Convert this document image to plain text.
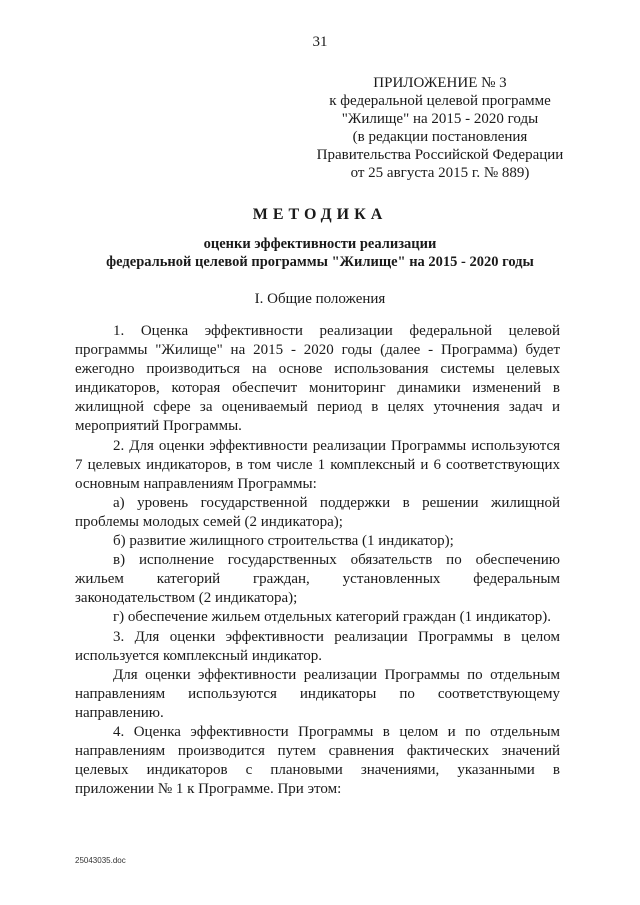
31
ПРИЛОЖЕНИЕ № 3
к федеральной целевой программе
"Жилище" на 2015 - 2020 годы
(в редакции постановления
Правительства Российской Федерации
от 25 августа 2015 г. № 889)
МЕТОДИКА
оценки эффективности реализации
федеральной целевой программы "Жилище" на 2015 - 2020 годы
I. Общие положения
1. Оценка эффективности реализации федеральной целевой
программы "Жилище" на 2015 - 2020 годы (далее - Программа) будет
ежегодно производиться на основе использования системы целевых
индикаторов, которая обеспечит мониторинг динамики изменений в
жилищной сфере за оцениваемый период в целях уточнения задач и
мероприятий Программы.
2. Для оценки эффективности реализации Программы используются
7 целевых индикаторов, в том числе 1 комплексный и 6 соответствующих
основным направлениям Программы:
а) уровень государственной поддержки в решении жилищной
проблемы молодых семей (2 индикатора);
б) развитие жилищного строительства (1 индикатор);
в) исполнение государственных обязательств по обеспечению
жильем категорий граждан, установленных федеральным
законодательством (2 индикатора);
г) обеспечение жильем отдельных категорий граждан (1 индикатор).
3. Для оценки эффективности реализации Программы в целом
используется комплексный индикатор.
Для оценки эффективности реализации Программы по отдельным
направлениям используются индикаторы по соответствующему
направлению.
4. Оценка эффективности Программы в целом и по отдельным
направлениям производится путем сравнения фактических значений
целевых индикаторов с плановыми значениями, указанными в
приложении № 1 к Программе. При этом:
25043035.doc
